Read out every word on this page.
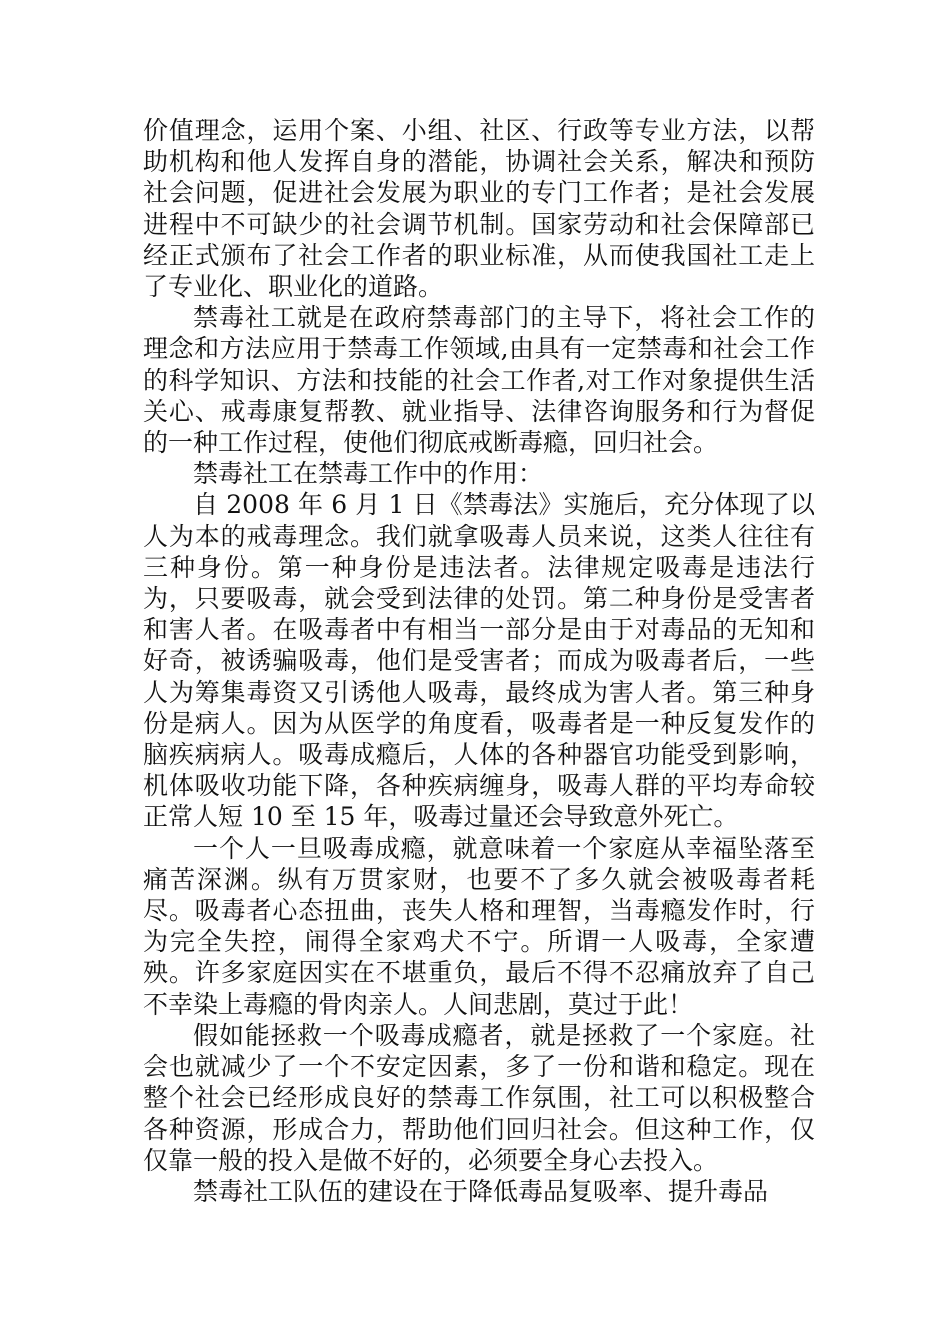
价值理念，运用个案、小组、社区、行政等专业方法，以帮助机构和他人发挥自身的潜能，协调社会关系，解决和预防社会问题，促进社会发展为职业的专门工作者；是社会发展进程中不可缺少的社会调节机制。国家劳动和社会保障部已经正式颁布了社会工作者的职业标准，从而使我国社工走上了专业化、职业化的道路。

禁毒社工就是在政府禁毒部门的主导下，将社会工作的理念和方法应用于禁毒工作领域,由具有一定禁毒和社会工作的科学知识、方法和技能的社会工作者,对工作对象提供生活关心、戒毒康复帮教、就业指导、法律咨询服务和行为督促的一种工作过程，使他们彻底戒断毒瘾，回归社会。

禁毒社工在禁毒工作中的作用：

自 2008 年 6 月 1 日《禁毒法》实施后，充分体现了以人为本的戒毒理念。我们就拿吸毒人员来说，这类人往往有三种身份。第一种身份是违法者。法律规定吸毒是违法行为，只要吸毒，就会受到法律的处罚。第二种身份是受害者和害人者。在吸毒者中有相当一部分是由于对毒品的无知和好奇，被诱骗吸毒，他们是受害者；而成为吸毒者后，一些人为筹集毒资又引诱他人吸毒，最终成为害人者。第三种身份是病人。因为从医学的角度看，吸毒者是一种反复发作的脑疾病病人。吸毒成瘾后，人体的各种器官功能受到影响，机体吸收功能下降，各种疾病缠身，吸毒人群的平均寿命较正常人短 10 至 15 年，吸毒过量还会导致意外死亡。

一个人一旦吸毒成瘾，就意味着一个家庭从幸福坠落至痛苦深渊。纵有万贯家财，也要不了多久就会被吸毒者耗尽。吸毒者心态扭曲，丧失人格和理智，当毒瘾发作时，行为完全失控，闹得全家鸡犬不宁。所谓一人吸毒，全家遭殃。许多家庭因实在不堪重负，最后不得不忍痛放弃了自己不幸染上毒瘾的骨肉亲人。人间悲剧，莫过于此！

假如能拯救一个吸毒成瘾者，就是拯救了一个家庭。社会也就减少了一个不安定因素，多了一份和谐和稳定。现在整个社会已经形成良好的禁毒工作氛围，社工可以积极整合各种资源，形成合力，帮助他们回归社会。但这种工作，仅仅靠一般的投入是做不好的，必须要全身心去投入。

禁毒社工队伍的建设在于降低毒品复吸率、提升毒品
